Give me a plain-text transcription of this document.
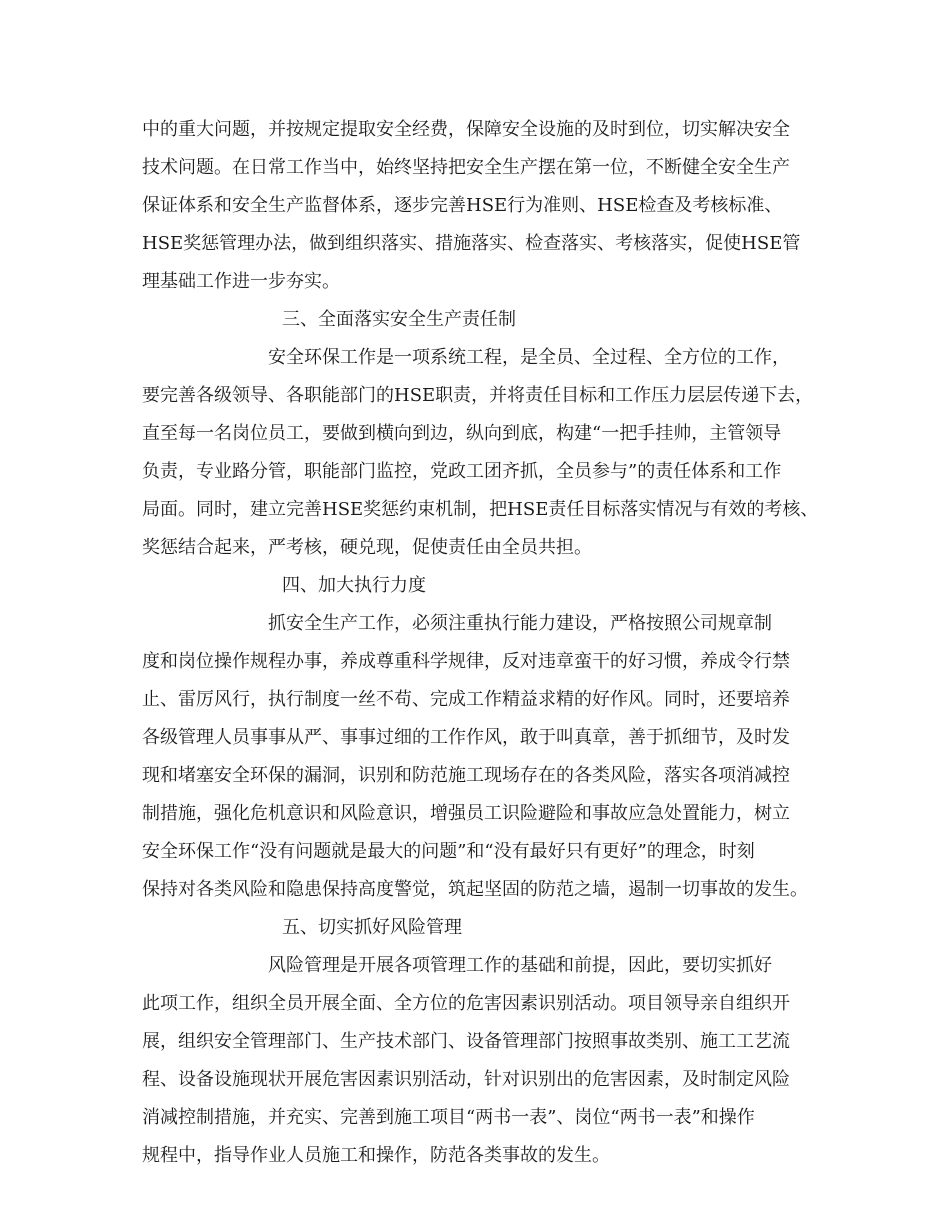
中的重大问题，并按规定提取安全经费，保障安全设施的及时到位，切实解决安全
技术问题。在日常工作当中，始终坚持把安全生产摆在第一位，不断健全安全生产
保证体系和安全生产监督体系，逐步完善HSE行为准则、HSE检查及考核标准、
HSE奖惩管理办法，做到组织落实、措施落实、检查落实、考核落实，促使HSE管
理基础工作进一步夯实。
三、全面落实安全生产责任制
安全环保工作是一项系统工程，是全员、全过程、全方位的工作，
要完善各级领导、各职能部门的HSE职责，并将责任目标和工作压力层层传递下去，
直至每一名岗位员工，要做到横向到边，纵向到底，构建“一把手挂帅，主管领导
负责，专业路分管，职能部门监控，党政工团齐抓，全员参与”的责任体系和工作
局面。同时，建立完善HSE奖惩约束机制，把HSE责任目标落实情况与有效的考核、
奖惩结合起来，严考核，硬兑现，促使责任由全员共担。
四、加大执行力度
抓安全生产工作，必须注重执行能力建设，严格按照公司规章制
度和岗位操作规程办事，养成尊重科学规律，反对违章蛮干的好习惯，养成令行禁
止、雷厉风行，执行制度一丝不苟、完成工作精益求精的好作风。同时，还要培养
各级管理人员事事从严、事事过细的工作作风，敢于叫真章，善于抓细节，及时发
现和堵塞安全环保的漏洞，识别和防范施工现场存在的各类风险，落实各项消减控
制措施，强化危机意识和风险意识，增强员工识险避险和事故应急处置能力，树立
安全环保工作“没有问题就是最大的问题”和“没有最好只有更好”的理念，时刻
保持对各类风险和隐患保持高度警觉，筑起坚固的防范之墙，遏制一切事故的发生。
五、切实抓好风险管理
风险管理是开展各项管理工作的基础和前提，因此，要切实抓好
此项工作，组织全员开展全面、全方位的危害因素识别活动。项目领导亲自组织开
展，组织安全管理部门、生产技术部门、设备管理部门按照事故类别、施工工艺流
程、设备设施现状开展危害因素识别活动，针对识别出的危害因素，及时制定风险
消减控制措施，并充实、完善到施工项目“两书一表”、岗位“两书一表”和操作
规程中，指导作业人员施工和操作，防范各类事故的发生。
